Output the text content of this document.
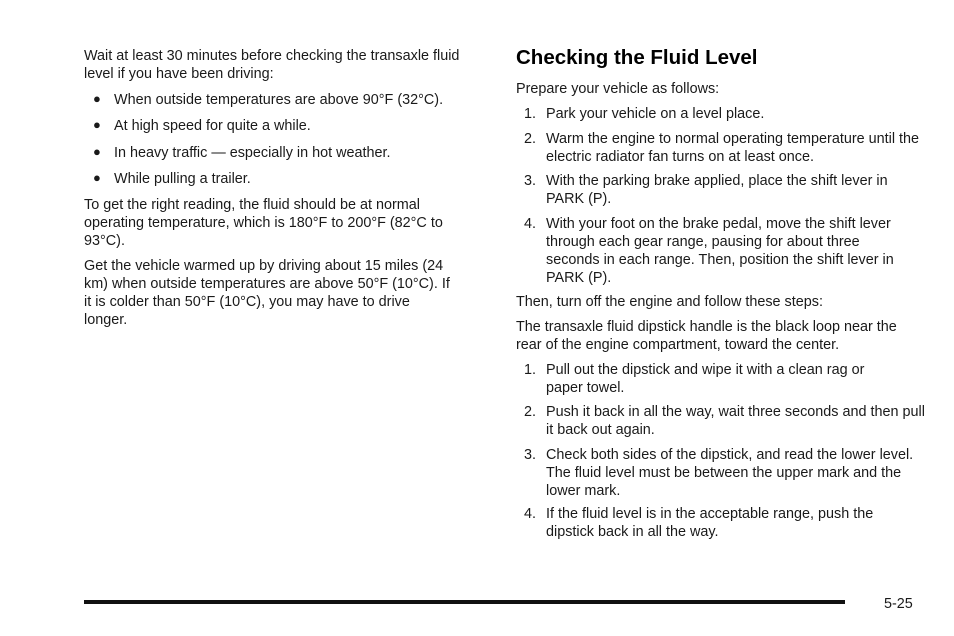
Wait at least 30 minutes before checking the transaxle fluid level if you have been driving:

● When outside temperatures are above 90°F (32°C).
● At high speed for quite a while.
● In heavy traffic — especially in hot weather.
● While pulling a trailer.

To get the right reading, the fluid should be at normal operating temperature, which is 180°F to 200°F (82°C to 93°C).

Get the vehicle warmed up by driving about 15 miles (24 km) when outside temperatures are above 50°F (10°C). If it is colder than 50°F (10°C), you may have to drive longer.

Checking the Fluid Level

Prepare your vehicle as follows:

1. Park your vehicle on a level place.
2. Warm the engine to normal operating temperature until the electric radiator fan turns on at least once.
3. With the parking brake applied, place the shift lever in PARK (P).
4. With your foot on the brake pedal, move the shift lever through each gear range, pausing for about three seconds in each range. Then, position the shift lever in PARK (P).

Then, turn off the engine and follow these steps:

The transaxle fluid dipstick handle is the black loop near the rear of the engine compartment, toward the center.

1. Pull out the dipstick and wipe it with a clean rag or paper towel.
2. Push it back in all the way, wait three seconds and then pull it back out again.
3. Check both sides of the dipstick, and read the lower level. The fluid level must be between the upper mark and the lower mark.
4. If the fluid level is in the acceptable range, push the dipstick back in all the way.
5-25
